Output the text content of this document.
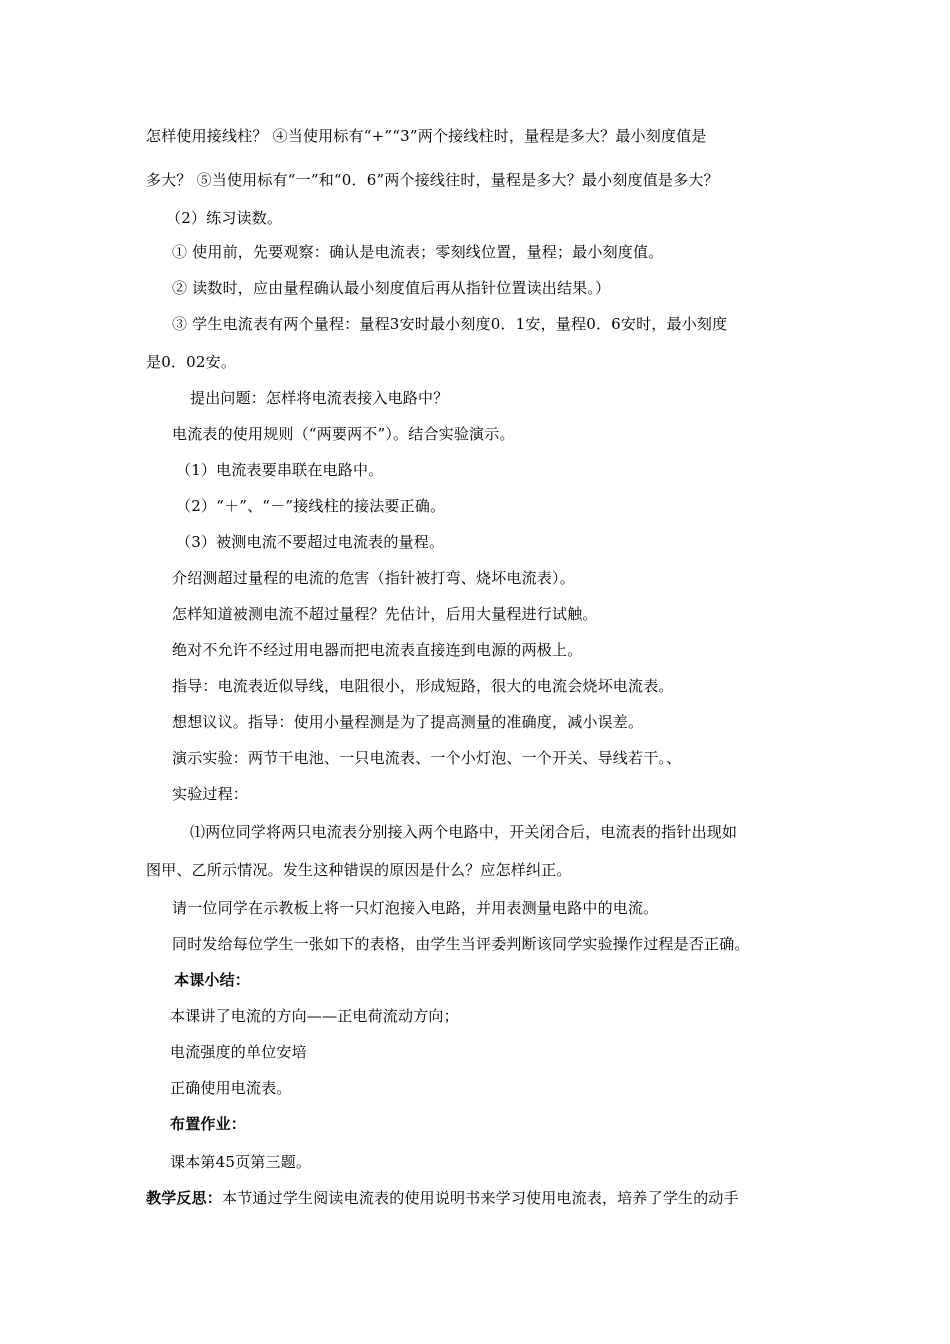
怎样使用接线柱？ ④当使用标有“+”“3”两个接线柱时，量程是多大？最小刻度值是
多大？ ⑤当使用标有“一”和“0．6”两个接线往时，量程是多大？最小刻度值是多大？
（2）练习读数。
① 使用前，先要观察：确认是电流表；零刻线位置，量程；最小刻度值。
② 读数时，应由量程确认最小刻度值后再从指针位置读出结果。）
③ 学生电流表有两个量程：量程3安时最小刻度0．1安，量程0．6安时，最小刻度
是0．02安。
提出问题：怎样将电流表接入电路中？
电流表的使用规则（“两要两不”）。结合实验演示。
（1）电流表要串联在电路中。
（2）“＋”、“－”接线柱的接法要正确。
（3）被测电流不要超过电流表的量程。
介绍测超过量程的电流的危害（指针被打弯、烧坏电流表）。
怎样知道被测电流不超过量程？先估计，后用大量程进行试触。
绝对不允许不经过用电器而把电流表直接连到电源的两极上。
指导：电流表近似导线，电阻很小，形成短路，很大的电流会烧坏电流表。
想想议议。指导：使用小量程测是为了提高测量的准确度，减小误差。
演示实验：两节干电池、一只电流表、一个小灯泡、一个开关、导线若干。、
实验过程：
⑴两位同学将两只电流表分别接入两个电路中，开关闭合后，电流表的指针出现如
图甲、乙所示情况。发生这种错误的原因是什么？应怎样纠正。
请一位同学在示教板上将一只灯泡接入电路，并用表测量电路中的电流。
同时发给每位学生一张如下的表格，由学生当评委判断该同学实验操作过程是否正确。
本课小结：
本课讲了电流的方向——正电荷流动方向；
电流强度的单位安培
正确使用电流表。
布置作业：
课本第45页第三题。
教学反思：本节通过学生阅读电流表的使用说明书来学习使用电流表，培养了学生的动手
